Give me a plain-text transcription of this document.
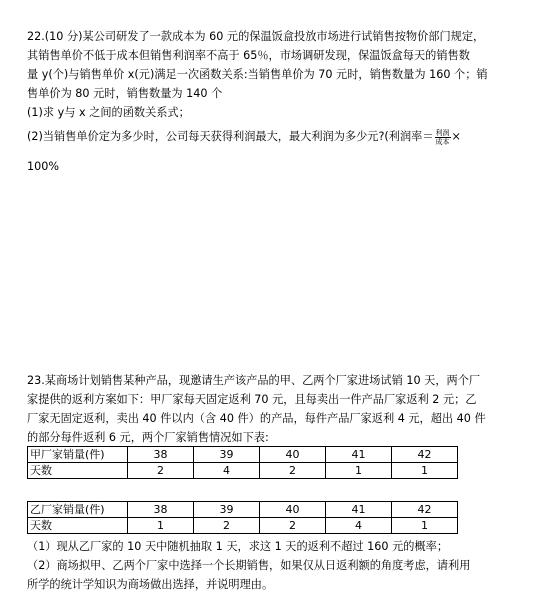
22.(10 分)某公司研发了一款成本为 60 元的保温饭盒投放市场进行试销售按物价部门规定，

其销售单价不低于成本但销售利润率不高于 65％，市场调研发现，保温饭盒每天的销售数

量 y(个)与销售单价 x(元)满足一次函数关系:当销售单价为 70 元时，销售数量为 160 个；销

售单价为 80 元时，销售数量为 140 个

(1)求 y与 x 之间的函数关系式；

(2)当销售单价定为多少时，公司每天获得利润最大，最大利润为多少元?(利润率＝ $\frac{\text{利润}}{\text{成本}}$ ×

100%

23.某商场计划销售某种产品，现邀请生产该产品的甲、乙两个厂家进场试销 10 天，两个厂

家提供的返利方案如下：甲厂家每天固定返利 70 元，且每卖出一件产品厂家返利 2 元；乙

厂家无固定返利，卖出 40 件以内（含 40 件）的产品，每件产品厂家返利 4 元，超出 40 件

的部分每件返利 6 元，两个厂家销售情况如下表:

甲厂家销量(件)	38	39	40	41	42
天数	2	4	2	1	1
乙厂家销量(件)	38	39	40	41	42
天数	1	2	2	4	1

（1）现从乙厂家的 10 天中随机抽取 1 天，求这 1 天的返利不超过 160 元的概率；

（2）商场拟甲、乙两个厂家中选择一个长期销售，如果仅从日返利额的角度考虑，请利用

所学的统计学知识为商场做出选择，并说明理由。
